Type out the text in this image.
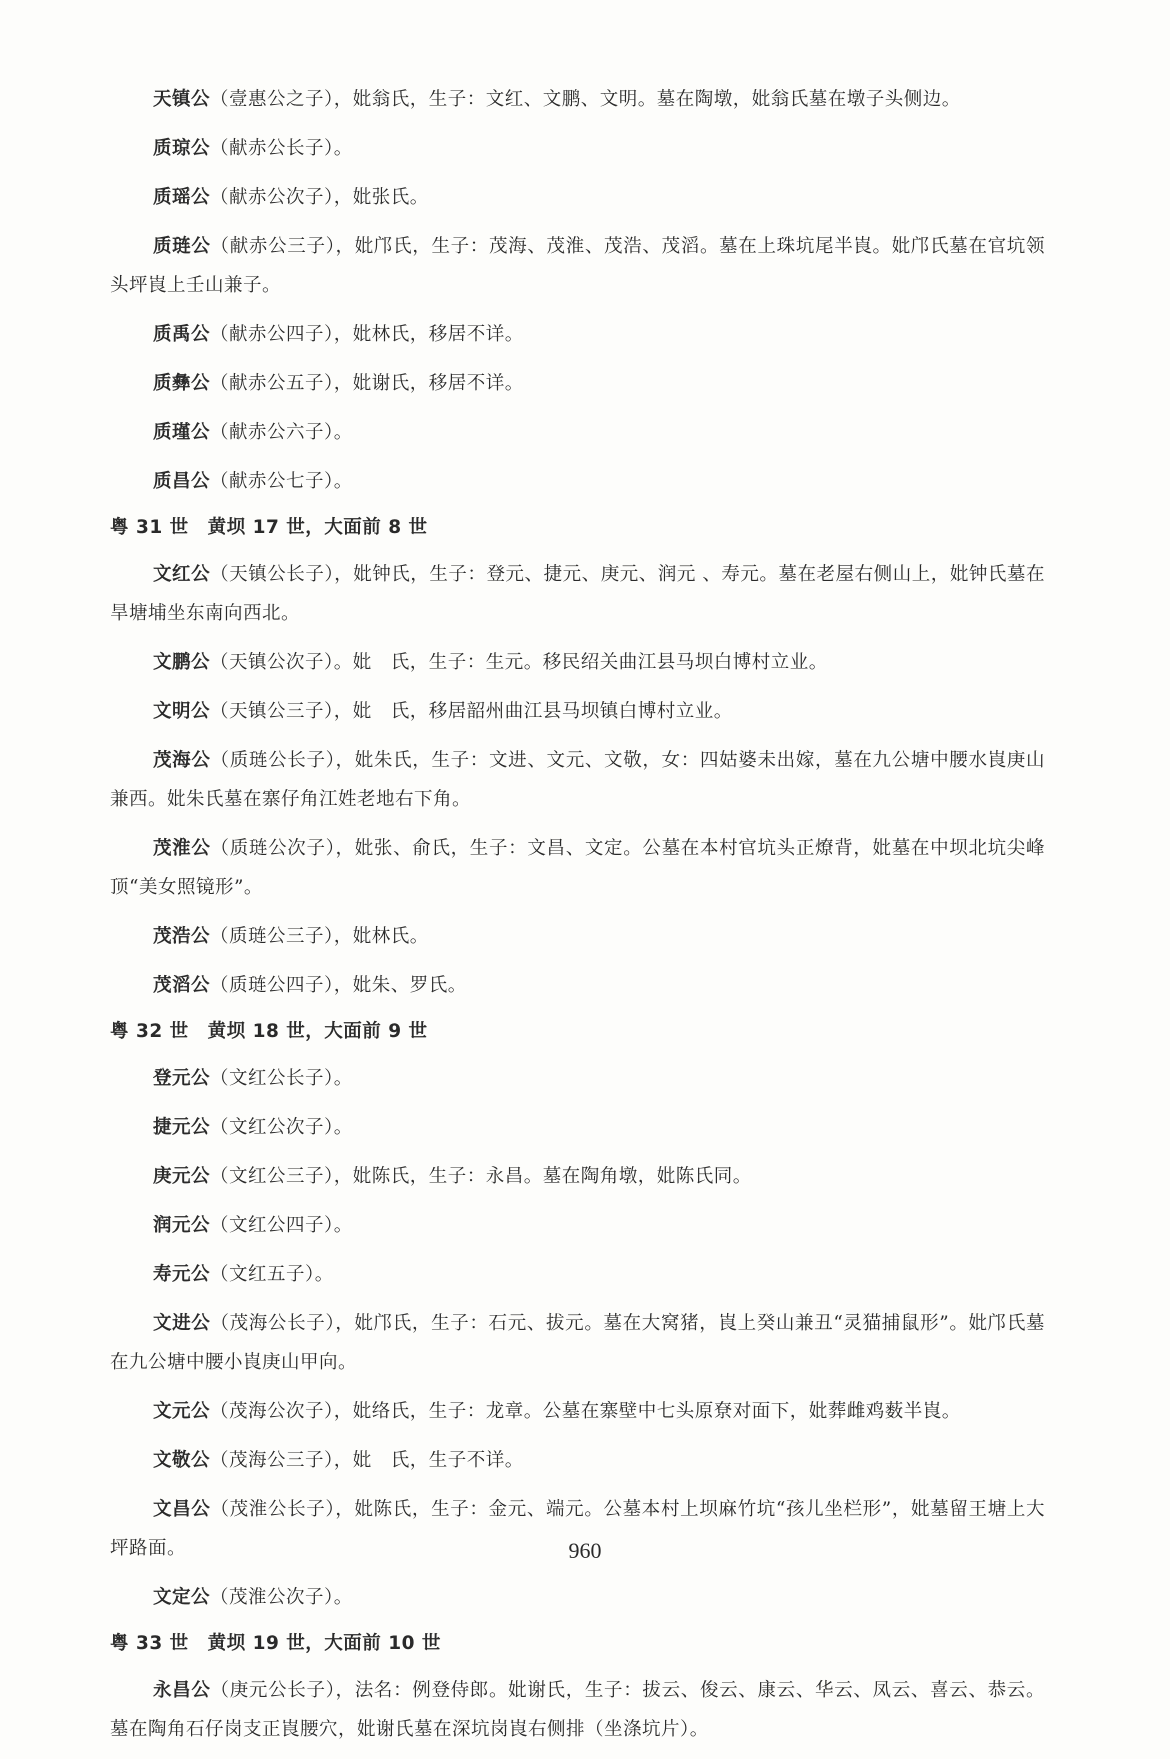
天镇公（壹惠公之子），妣翁氏，生子：文红、文鹏、文明。墓在陶墩，妣翁氏墓在墩子头侧边。

质琼公（献赤公长子）。

质瑶公（献赤公次子），妣张氏。

质琏公（献赤公三子），妣邝氏，生子：茂海、茂淮、茂浩、茂滔。墓在上珠坑尾半崀。妣邝氏墓在官坑领头坪崀上壬山兼子。

质禹公（献赤公四子），妣林氏，移居不详。

质彝公（献赤公五子），妣谢氏，移居不详。

质瑾公（献赤公六子）。

质昌公（献赤公七子）。

粤 31 世　黄坝 17 世，大面前 8 世

文红公（天镇公长子），妣钟氏，生子：登元、捷元、庚元、润元 、寿元。墓在老屋右侧山上，妣钟氏墓在旱塘埔坐东南向西北。

文鹏公（天镇公次子）。妣　氏，生子：生元。移民绍关曲江县马坝白博村立业。

文明公（天镇公三子），妣　氏，移居韶州曲江县马坝镇白博村立业。

茂海公（质琏公长子），妣朱氏，生子：文进、文元、文敬，女：四姑婆未出嫁，墓在九公塘中腰水崀庚山兼西。妣朱氏墓在寨仔角江姓老地右下角。

茂淮公（质琏公次子），妣张、俞氏，生子：文昌、文定。公墓在本村官坑头正燎背，妣墓在中坝北坑尖峰顶“美女照镜形”。

茂浩公（质琏公三子），妣林氏。

茂滔公（质琏公四子），妣朱、罗氏。

粤 32 世　黄坝 18 世，大面前 9 世

登元公（文红公长子）。

捷元公（文红公次子）。

庚元公（文红公三子），妣陈氏，生子：永昌。墓在陶角墩，妣陈氏同。

润元公（文红公四子）。

寿元公（文红五子）。

文进公（茂海公长子），妣邝氏，生子：石元、拔元。墓在大窝猪，崀上癸山兼丑“灵猫捕鼠形”。妣邝氏墓在九公塘中腰小崀庚山甲向。

文元公（茂海公次子），妣络氏，生子：龙章。公墓在寨壁中七头原尞对面下，妣葬雌鸡薮半崀。

文敬公（茂海公三子），妣　氏，生子不详。

文昌公（茂淮公长子），妣陈氏，生子：金元、端元。公墓本村上坝麻竹坑“孩儿坐栏形”，妣墓留王塘上大坪路面。

文定公（茂淮公次子）。

粤 33 世　黄坝 19 世，大面前 10 世

永昌公（庚元公长子），法名：例登侍郎。妣谢氏，生子：拔云、俊云、康云、华云、凤云、喜云、恭云。墓在陶角石仔岗支正崀腰穴，妣谢氏墓在深坑岗崀右侧排（坐涤坑片）。

960
